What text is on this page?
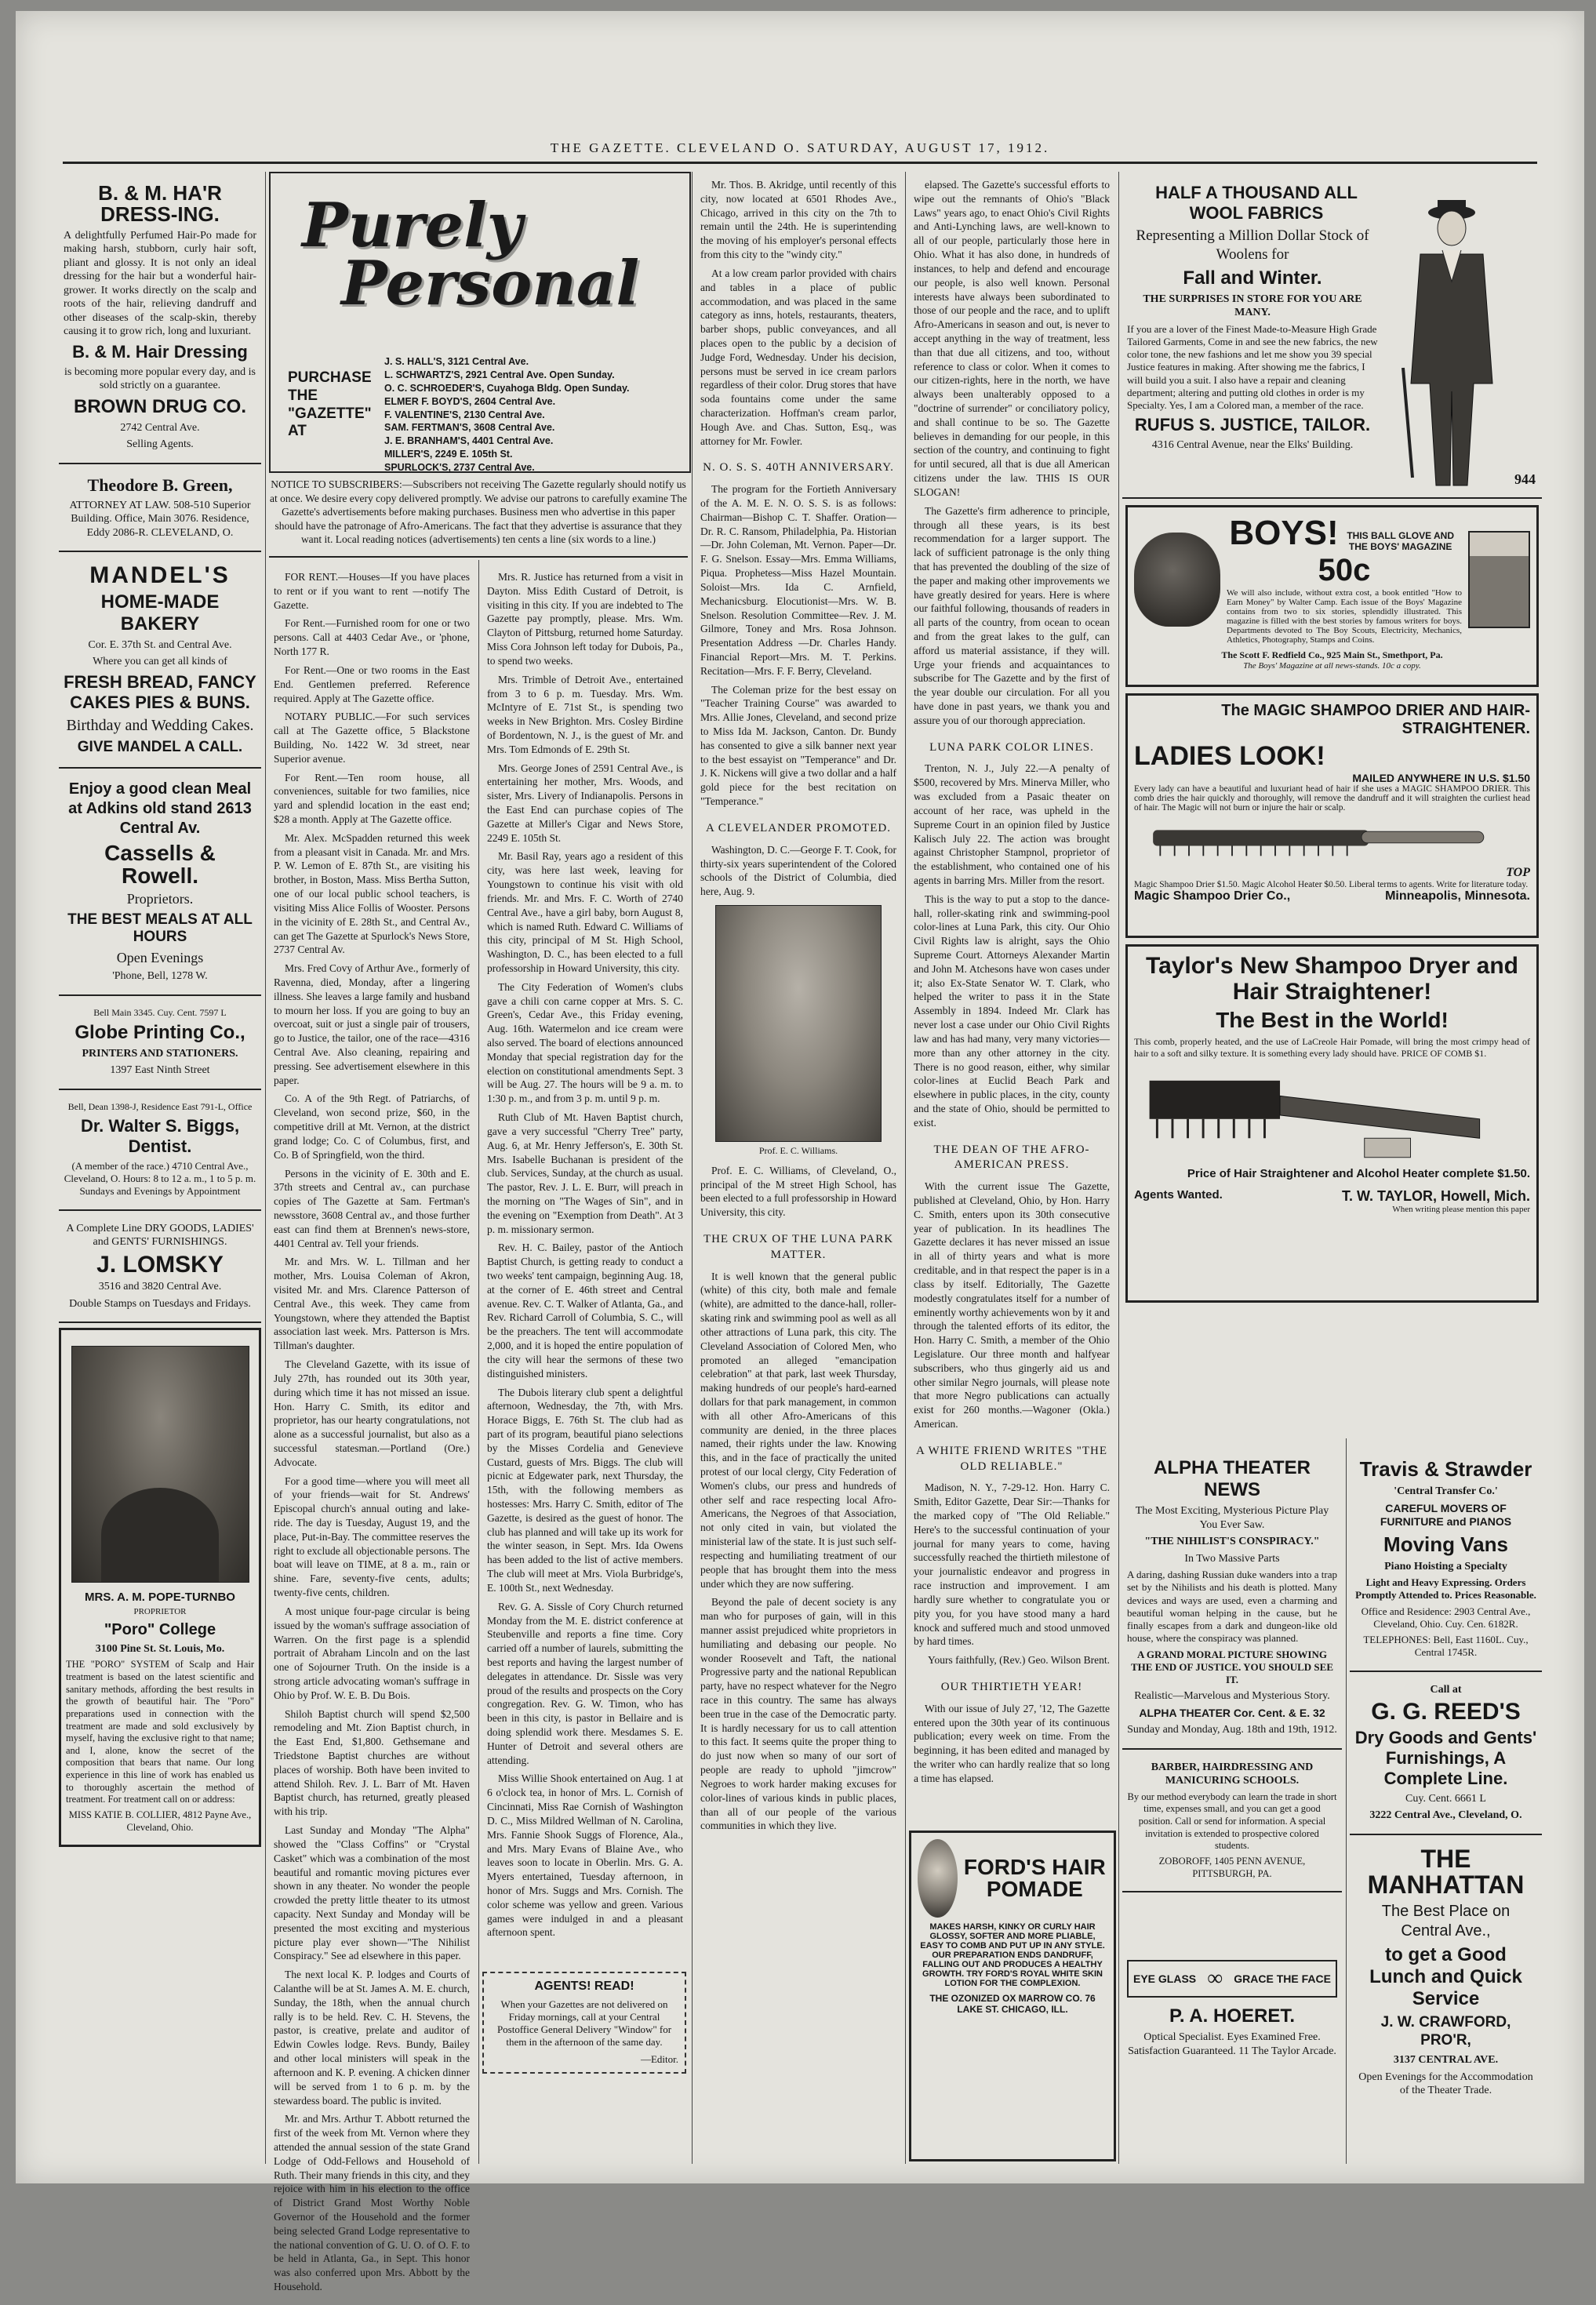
THE GAZETTE. CLEVELAND O. SATURDAY, AUGUST 17, 1912.
B. & M. HA'R DRESS-ING.

A delightfully Perfumed Hair-Po made for making harsh, stubborn, curly hair soft, pliant and glossy. It is not only an ideal dressing for the hair but a wonderful hair-grower. It works directly on the scalp and roots of the hair, relieving dandruff and other diseases of the scalp-skin, thereby causing it to grow rich, long and luxuriant.

B. & M. Hair Dressing

is becoming more popular every day, and is sold strictly on a guarantee.

BROWN DRUG CO.

2742 Central Ave.

Selling Agents.

Theodore B. Green,

ATTORNEY AT LAW. 508-510 Superior Building. Office, Main 3076. Residence, Eddy 2086-R. CLEVELAND, O.

MANDEL'S
HOME-MADE BAKERY

Cor. E. 37th St. and Central Ave.

Where you can get all kinds of

FRESH BREAD, FANCY CAKES PIES & BUNS.

Birthday and Wedding Cakes.

GIVE MANDEL A CALL.

Enjoy a good clean Meal at Adkins old stand 2613 Central Av.

Cassells & Rowell.

Proprietors.

THE BEST MEALS AT ALL HOURS

Open Evenings

'Phone, Bell, 1278 W.

Bell Main 3345. Cuy. Cent. 7597 L

Globe Printing Co.,

PRINTERS AND STATIONERS.

1397 East Ninth Street

Bell, Dean 1398-J, Residence East 791-L, Office

Dr. Walter S. Biggs, Dentist.

(A member of the race.) 4710 Central Ave., Cleveland, O. Hours: 8 to 12 a. m., 1 to 5 p. m. Sundays and Evenings by Appointment

A Complete Line DRY GOODS, LADIES' and GENTS' FURNISHINGS.

J. LOMSKY

3516 and 3820 Central Ave.

Double Stamps on Tuesdays and Fridays.

MRS. A. M. POPE-TURNBO

PROPRIETOR

"Poro" College

3100 Pine St. St. Louis, Mo.

THE "PORO" SYSTEM of Scalp and Hair treatment is based on the latest scientific and sanitary methods, affording the best results in the growth of beautiful hair. The "Poro" preparations used in connection with the treatment are made and sold exclusively by myself, having the exclusive right to that name; and I, alone, know the secret of the composition that bears that name. Our long experience in this line of work has enabled us to thoroughly ascertain the method of treatment. For treatment call on or address:

MISS KATIE B. COLLIER, 4812 Payne Ave., Cleveland, Ohio.

Purely
Personal
PURCHASE THE "GAZETTE" AT
J. S. HALL'S, 3121 Central Ave.
L. SCHWARTZ'S, 2921 Central Ave. Open Sunday.
O. C. SCHROEDER'S, Cuyahoga Bldg. Open Sunday.
ELMER F. BOYD'S, 2604 Central Ave.
F. VALENTINE'S, 2130 Central Ave.
SAM. FERTMAN'S, 3608 Central Ave.
J. E. BRANHAM'S, 4401 Central Ave.
MILLER'S, 2249 E. 105th St.
SPURLOCK'S, 2737 Central Ave.
NOTICE TO SUBSCRIBERS:—Subscribers not receiving The Gazette regularly should notify us at once. We desire every copy delivered promptly. We advise our patrons to carefully examine The Gazette's advertisements before making purchases. Business men who advertise in this paper should have the patronage of Afro-Americans. The fact that they advertise is assurance that they want it. Local reading notices (advertisements) ten cents a line (six words to a line.)

FOR RENT.—Houses—If you have places to rent or if you want to rent —notify The Gazette.

For Rent.—Furnished room for one or two persons. Call at 4403 Cedar Ave., or 'phone, North 177 R.

For Rent.—One or two rooms in the East End. Gentlemen preferred. Reference required. Apply at The Gazette office.

NOTARY PUBLIC.—For such services call at The Gazette office, 5 Blackstone Building, No. 1422 W. 3d street, near Superior avenue.

For Rent.—Ten room house, all conveniences, suitable for two families, nice yard and splendid location in the east end; $28 a month. Apply at The Gazette office.

Mr. Alex. McSpadden returned this week from a pleasant visit in Canada. Mr. and Mrs. P. W. Lemon of E. 87th St., are visiting his brother, in Boston, Mass. Miss Bertha Sutton, one of our local public school teachers, is visiting Miss Alice Follis of Wooster. Persons in the vicinity of E. 28th St., and Central Av., can get The Gazette at Spurlock's News Store, 2737 Central Av.

Mrs. Fred Covy of Arthur Ave., formerly of Ravenna, died, Monday, after a lingering illness. She leaves a large family and husband to mourn her loss. If you are going to buy an overcoat, suit or just a single pair of trousers, go to Justice, the tailor, one of the race—4316 Central Ave. Also cleaning, repairing and pressing. See advertisement elsewhere in this paper.

Co. A of the 9th Regt. of Patriarchs, of Cleveland, won second prize, $60, in the competitive drill at Mt. Vernon, at the district grand lodge; Co. C of Columbus, first, and Co. B of Springfield, won the third.

Persons in the vicinity of E. 30th and E. 37th streets and Central av., can purchase copies of The Gazette at Sam. Fertman's newsstore, 3608 Central av., and those further east can find them at Brennen's news-store, 4401 Central av. Tell your friends.

Mr. and Mrs. W. L. Tillman and her mother, Mrs. Louisa Coleman of Akron, visited Mr. and Mrs. Clarence Patterson of Central Ave., this week. They came from Youngstown, where they attended the Baptist association last week. Mrs. Patterson is Mrs. Tillman's daughter.

The Cleveland Gazette, with its issue of July 27th, has rounded out its 30th year, during which time it has not missed an issue. Hon. Harry C. Smith, its editor and proprietor, has our hearty congratulations, not alone as a successful journalist, but also as a successful statesman.—Portland (Ore.) Advocate.

For a good time—where you will meet all of your friends—wait for St. Andrews' Episcopal church's annual outing and lake-ride. The day is Tuesday, August 19, and the place, Put-in-Bay. The committee reserves the right to exclude all objectionable persons. The boat will leave on TIME, at 8 a. m., rain or shine. Fare, seventy-five cents, adults; twenty-five cents, children.

A most unique four-page circular is being issued by the woman's suffrage association of Warren. On the first page is a splendid portrait of Abraham Lincoln and on the last one of Sojourner Truth. On the inside is a strong article advocating woman's suffrage in Ohio by Prof. W. E. B. Du Bois.

Shiloh Baptist church will spend $2,500 remodeling and Mt. Zion Baptist church, in the East End, $1,800. Gethsemane and Triedstone Baptist churches are without places of worship. Both have been invited to attend Shiloh. Rev. J. L. Barr of Mt. Haven Baptist church, has returned, greatly pleased with his trip.

Last Sunday and Monday "The Alpha" showed the "Class Coffins" or "Crystal Casket" which was a combination of the most beautiful and romantic moving pictures ever shown in any theater. No wonder the people crowded the pretty little theater to its utmost capacity. Next Sunday and Monday will be presented the most exciting and mysterious picture play ever shown—"The Nihilist Conspiracy." See ad elsewhere in this paper.

The next local K. P. lodges and Courts of Calanthe will be at St. James A. M. E. church, Sunday, the 18th, when the annual church rally is to be held. Rev. C. H. Stevens, the pastor, is creative, prelate and auditor of Edwin Cowles lodge. Revs. Bundy, Bailey and other local ministers will speak in the afternoon and K. P. evening. A chicken dinner will be served from 1 to 6 p. m. by the stewardess board. The public is invited.

Mr. and Mrs. Arthur T. Abbott returned the first of the week from Mt. Vernon where they attended the annual session of the state Grand Lodge of Odd-Fellows and Household of Ruth. Their many friends in this city, and they rejoice with him in his election to the office of District Grand Most Worthy Noble Governor of the Household and the former being selected Grand Lodge representative to the national convention of G. U. O. of O. F. to be held in Atlanta, Ga., in Sept. This honor was also conferred upon Mrs. Abbott by the Household.

Mrs. R. Justice has returned from a visit in Dayton. Miss Edith Custard of Detroit, is visiting in this city. If you are indebted to The Gazette pay promptly, please. Mrs. Wm. Clayton of Pittsburg, returned home Saturday. Miss Cora Johnson left today for Dubois, Pa., to spend two weeks.

Mrs. Trimble of Detroit Ave., entertained from 3 to 6 p. m. Tuesday. Mrs. Wm. McIntyre of E. 71st St., is spending two weeks in New Brighton. Mrs. Cosley Birdine of Bordentown, N. J., is the guest of Mr. and Mrs. Tom Edmonds of E. 29th St.

Mrs. George Jones of 2591 Central Ave., is entertaining her mother, Mrs. Woods, and sister, Mrs. Livery of Indianapolis. Persons in the East End can purchase copies of The Gazette at Miller's Cigar and News Store, 2249 E. 105th St.

Mr. Basil Ray, years ago a resident of this city, was here last week, leaving for Youngstown to continue his visit with old friends. Mr. and Mrs. F. C. Worth of 2740 Central Ave., have a girl baby, born August 8, which is named Ruth. Edward C. Williams of this city, principal of M St. High School, Washington, D. C., has been elected to a full professorship in Howard University, this city.

The City Federation of Women's clubs gave a chili con carne copper at Mrs. S. C. Green's, Cedar Ave., this Friday evening, Aug. 16th. Watermelon and ice cream were also served. The board of elections announced Monday that special registration day for the election on constitutional amendments Sept. 3 will be Aug. 27. The hours will be 9 a. m. to 1:30 p. m., and from 3 p. m. until 9 p. m.

Ruth Club of Mt. Haven Baptist church, gave a very successful "Cherry Tree" party, Aug. 6, at Mr. Henry Jefferson's, E. 30th St. Mrs. Isabelle Buchanan is president of the club. Services, Sunday, at the church as usual. The pastor, Rev. J. L. E. Burr, will preach in the morning on "The Wages of Sin", and in the evening on "Exemption from Death". At 3 p. m. missionary sermon.

Rev. H. C. Bailey, pastor of the Antioch Baptist Church, is getting ready to conduct a two weeks' tent campaign, beginning Aug. 18, at the corner of E. 46th street and Central avenue. Rev. C. T. Walker of Atlanta, Ga., and Rev. Richard Carroll of Columbia, S. C., will be the preachers. The tent will accommodate 2,000, and it is hoped the entire population of the city will hear the sermons of these two distinguished ministers.

The Dubois literary club spent a delightful afternoon, Wednesday, the 7th, with Mrs. Horace Biggs, E. 76th St. The club had as part of its program, beautiful piano selections by the Misses Cordelia and Genevieve Custard, guests of Mrs. Biggs. The club will picnic at Edgewater park, next Thursday, the 15th, with the following members as hostesses: Mrs. Harry C. Smith, editor of The Gazette, is desired as the guest of honor. The club has planned and will take up its work for the winter season, in Sept. Mrs. Ida Owens has been added to the list of active members. The club will meet at Mrs. Viola Burbridge's, E. 100th St., next Wednesday.

Rev. G. A. Sissle of Cory Church returned Monday from the M. E. district conference at Steubenville and reports a fine time. Cory carried off a number of laurels, submitting the best reports and having the largest number of delegates in attendance. Dr. Sissle was very proud of the results and prospects on the Cory congregation. Rev. G. W. Timon, who has been in this city, is pastor in Bellaire and is doing splendid work there. Mesdames S. E. Hunter of Detroit and several others are attending.

Miss Willie Shook entertained on Aug. 1 at 6 o'clock tea, in honor of Mrs. L. Cornish of Cincinnati, Miss Rae Cornish of Washington D. C., Miss Mildred Wellman of N. Carolina, Mrs. Fannie Shook Suggs of Florence, Ala., and Mrs. Mary Evans of Blaine Ave., who leaves soon to locate in Oberlin. Mrs. G. A. Myers entertained, Tuesday afternoon, in honor of Mrs. Suggs and Mrs. Cornish. The color scheme was yellow and green. Various games were indulged in and a pleasant afternoon spent.

AGENTS! READ!
When your Gazettes are not delivered on Friday mornings, call at your Central Postoffice General Delivery "Window" for them in the afternoon of the same day.
—Editor.

Mr. Thos. B. Akridge, until recently of this city, now located at 6501 Rhodes Ave., Chicago, arrived in this city on the 7th to remain until the 24th. He is superintending the moving of his employer's personal effects from this city to the "windy city."

At a low cream parlor provided with chairs and tables in a place of public accommodation, and was placed in the same category as inns, hotels, restaurants, theaters, barber shops, public conveyances, and all places open to the public by a decision of Judge Ford, Wednesday. Under his decision, persons must be served in ice cream parlors regardless of their color. Drug stores that have soda fountains come under the same characterization. Hoffman's cream parlor, Hough Ave. and Chas. Sutton, Esq., was attorney for Mr. Fowler.

N. O. S. S. 40TH ANNIVERSARY.

The program for the Fortieth Anniversary of the A. M. E. N. O. S. S. is as follows: Chairman—Bishop C. T. Shaffer. Oration—Dr. R. C. Ransom, Philadelphia, Pa. Historian—Dr. John Coleman, Mt. Vernon. Paper—Dr. F. G. Snelson. Essay—Mrs. Emma Williams, Piqua. Prophetess—Miss Hazel Mountain. Soloist—Mrs. Ida C. Arnfield, Mechanicsburg. Elocutionist—Mrs. W. B. Snelson. Resolution Committee—Rev. J. M. Gilmore, Toney and Mrs. Rosa Johnson. Presentation Address —Dr. Charles Handy. Financial Report—Mrs. M. T. Perkins. Recitation—Mrs. F. F. Berry, Cleveland.

The Coleman prize for the best essay on "Teacher Training Course" was awarded to Mrs. Allie Jones, Cleveland, and second prize to Miss Ida M. Jackson, Canton. Dr. Bundy has consented to give a silk banner next year to the best essayist on "Temperance" and Dr. J. K. Nickens will give a two dollar and a half gold piece for the best recitation on "Temperance."

A CLEVELANDER PROMOTED.

Washington, D. C.—George F. T. Cook, for thirty-six years superintendent of the Colored schools of the District of Columbia, died here, Aug. 9.

Prof. E. C. Williams.

Prof. E. C. Williams, of Cleveland, O., principal of the M street High School, has been elected to a full professorship in Howard University, this city.

THE CRUX OF THE LUNA PARK MATTER.

It is well known that the general public (white) of this city, both male and female (white), are admitted to the dance-hall, roller-skating rink and swimming pool as well as all other attractions of Luna park, this city. The Cleveland Association of Colored Men, who promoted an alleged "emancipation celebration" at that park, last week Thursday, making hundreds of our people's hard-earned dollars for that park management, in common with all other Afro-Americans of this community are denied, in the three places named, their rights under the law. Knowing this, and in the face of practically the united protest of our local clergy, City Federation of Women's clubs, our press and hundreds of other self and race respecting local Afro-Americans, the Negroes of that Association, not only cited in vain, but violated the ministerial law of the state. It is just such self-respecting and humiliating treatment of our people that has brought them into the mess under which they are now suffering.

Beyond the pale of decent society is any man who for purposes of gain, will in this manner assist prejudiced white proprietors in humiliating and debasing our people. No wonder Roosevelt and Taft, the national Progressive party and the national Republican party, have no respect whatever for the Negro race in this country. The same has always been true in the case of the Democratic party. It is hardly necessary for us to call attention to this fact. It seems quite the proper thing to do just now when so many of our sort of people are ready to uphold "jimcrow" Negroes to work harder making excuses for color-lines of various kinds in public places, than all of our people of the various communities in which they live.

elapsed. The Gazette's successful efforts to wipe out the remnants of Ohio's "Black Laws" years ago, to enact Ohio's Civil Rights and Anti-Lynching laws, are well-known to all of our people, particularly those here in Ohio. What it has also done, in hundreds of instances, to help and defend and encourage our people, is also well known. Personal interests have always been subordinated to those of our people and the race, and to uplift Afro-Americans in season and out, is never to accept anything in the way of treatment, less than that due all citizens, and too, without reference to class or color. When it comes to our citizen-rights, here in the north, we have always been unalterably opposed to a "doctrine of surrender" or conciliatory policy, and shall continue to be so. The Gazette believes in demanding for our people, in this section of the country, and continuing to fight for until secured, all that is due all American citizens under the law. THIS IS OUR SLOGAN!

The Gazette's firm adherence to principle, through all these years, is its best recommendation for a larger support. The lack of sufficient patronage is the only thing that has prevented the doubling of the size of the paper and making other improvements we have greatly desired for years. Here is where our faithful following, thousands of readers in all parts of the country, from ocean to ocean and from the great lakes to the gulf, can afford us material assistance, if they will. Urge your friends and acquaintances to subscribe for The Gazette and by the first of the year double our circulation. For all you have done in past years, we thank you and assure you of our thorough appreciation.

LUNA PARK COLOR LINES.

Trenton, N. J., July 22.—A penalty of $500, recovered by Mrs. Minerva Miller, who was excluded from a Pasaic theater on account of her race, was upheld in the Supreme Court in an opinion filed by Justice Kalisch July 22. The action was brought against Christopher Stampnol, proprietor of the establishment, who contained one of his agents in barring Mrs. Miller from the resort.

This is the way to put a stop to the dance-hall, roller-skating rink and swimming-pool color-lines at Luna Park, this city. Our Ohio Civil Rights law is alright, says the Ohio Supreme Court. Attorneys Alexander Martin and John M. Atchesons have won cases under it; also Ex-State Senator W. T. Clark, who helped the writer to pass it in the State Assembly in 1894. Indeed Mr. Clark has never lost a case under our Ohio Civil Rights law and has had many, very many victories—more than any other attorney in the city. There is no good reason, either, why similar color-lines at Euclid Beach Park and elsewhere in public places, in the city, county and the state of Ohio, should be permitted to exist.

THE DEAN OF THE AFRO-AMERICAN PRESS.

With the current issue The Gazette, published at Cleveland, Ohio, by Hon. Harry C. Smith, enters upon its 30th consecutive year of publication. In its headlines The Gazette declares it has never missed an issue in all of thirty years and what is more creditable, and in that respect the paper is in a class by itself. Editorially, The Gazette modestly congratulates itself for a number of eminently worthy achievements won by it and through the talented efforts of its editor, the Hon. Harry C. Smith, a member of the Ohio Legislature. Our three month and halfyear subscribers, who thus gingerly aid us and other similar Negro journals, will please note that more Negro publications can actually exist for 260 months.—Wagoner (Okla.) American.

A WHITE FRIEND WRITES "THE OLD RELIABLE."

Madison, N. Y., 7-29-12. Hon. Harry C. Smith, Editor Gazette, Dear Sir:—Thanks for the marked copy of "The Old Reliable." Here's to the successful continuation of your journal for many years to come, having successfully reached the thirtieth milestone of your journalistic endeavor and progress in race instruction and improvement. I am hardly sure whether to congratulate you or pity you, for you have stood many a hard knock and suffered much and stood unmoved by hard times.

Yours faithfully, (Rev.) Geo. Wilson Brent.

OUR THIRTIETH YEAR!

With our issue of July 27, '12, The Gazette entered upon the 30th year of its continuous publication; every week on time. From the beginning, it has been edited and managed by the writer who can hardly realize that so long a time has elapsed.

HALF A THOUSAND ALL WOOL FABRICS

Representing a Million Dollar Stock of Woolens for

Fall and Winter.

THE SURPRISES IN STORE FOR YOU ARE MANY.

If you are a lover of the Finest Made-to-Measure High Grade Tailored Garments, Come in and see the new fabrics, the new color tone, the new fashions and let me show you 39 special Justice features in making. After showing me the fabrics, I will build you a suit. I also have a repair and cleaning department; altering and putting old clothes in order is my Specialty. Yes, I am a Colored man, a member of the race.

RUFUS S. JUSTICE, TAILOR.

4316 Central Avenue, near the Elks' Building.

944
BOYS! THIS BALL GLOVE AND THE BOYS' MAGAZINE 50c
We will also include, without extra cost, a book entitled "How to Earn Money" by Walter Camp. Each issue of the Boys' Magazine contains from two to six stories, splendidly illustrated. This magazine is filled with the best stories by famous writers for boys. Departments devoted to The Boy Scouts, Electricity, Mechanics, Athletics, Photography, Stamps and Coins.
The Scott F. Redfield Co., 925 Main St., Smethport, Pa.
The Boys' Magazine at all news-stands. 10c a copy.
The MAGIC SHAMPOO DRIER AND HAIR-STRAIGHTENER.
LADIES LOOK!
MAILED ANYWHERE IN U.S. $1.50
Every lady can have a beautiful and luxuriant head of hair if she uses a MAGIC SHAMPOO DRIER. This comb dries the hair quickly and thoroughly, will remove the dandruff and it will straighten the curliest head of hair. The Magic will not burn or injure the hair or scalp.
TOP
Magic Shampoo Drier $1.50. Magic Alcohol Heater $0.50. Liberal terms to agents. Write for literature today.
Magic Shampoo Drier Co.,	Minneapolis, Minnesota.
Taylor's New Shampoo Dryer and Hair Straightener!
The Best in the World!
This comb, properly heated, and the use of LaCreole Hair Pomade, will bring the most crimpy head of hair to a soft and silky texture. It is something every lady should have. PRICE OF COMB $1.
Price of Hair Straightener and Alcohol Heater complete $1.50.
Agents Wanted.	T. W. TAYLOR, Howell, Mich.
When writing please mention this paper
ALPHA THEATER NEWS

The Most Exciting, Mysterious Picture Play You Ever Saw.

"THE NIHILIST'S CONSPIRACY."

In Two Massive Parts

A daring, dashing Russian duke wanders into a trap set by the Nihilists and his death is plotted. Many devices and ways are used, even a charming and beautiful woman helping in the cause, but he finally escapes from a dark and dungeon-like old house, where the conspiracy was planned.

A GRAND MORAL PICTURE SHOWING THE END OF JUSTICE. YOU SHOULD SEE IT.

Realistic—Marvelous and Mysterious Story.

ALPHA THEATER Cor. Cent. & E. 32

Sunday and Monday, Aug. 18th and 19th, 1912.

BARBER, HAIRDRESSING AND MANICURING SCHOOLS.

By our method everybody can learn the trade in short time, expenses small, and you can get a good position. Call or send for information. A special invitation is extended to prospective colored students.

ZOBOROFF, 1405 PENN AVENUE, PITTSBURGH, PA.

FORD'S HAIR POMADE
MAKES HARSH, KINKY OR CURLY HAIR GLOSSY, SOFTER AND MORE PLIABLE, EASY TO COMB AND PUT UP IN ANY STYLE. OUR PREPARATION ENDS DANDRUFF, FALLING OUT AND PRODUCES A HEALTHY GROWTH. TRY FORD'S ROYAL WHITE SKIN LOTION FOR THE COMPLEXION.
THE OZONIZED OX MARROW CO. 76 LAKE ST. CHICAGO, ILL.
EYE GLASS ∞ GRACE THE FACE
P. A. HOERET.

Optical Specialist. Eyes Examined Free. Satisfaction Guaranteed. 11 The Taylor Arcade.

Travis & Strawder

'Central Transfer Co.'

CAREFUL MOVERS OF FURNITURE and PIANOS

Moving Vans

Piano Hoisting a Specialty

Light and Heavy Expressing. Orders Promptly Attended to. Prices Reasonable.

Office and Residence: 2903 Central Ave., Cleveland, Ohio. Cuy. Cen. 6182R.

TELEPHONES: Bell, East 1160L. Cuy., Central 1745R.

Call at

G. G. REED'S
Dry Goods and Gents' Furnishings, A Complete Line.

Cuy. Cent. 6661 L

3222 Central Ave., Cleveland, O.

THE MANHATTAN

The Best Place on Central Ave.,

to get a Good Lunch and Quick Service

J. W. CRAWFORD, PRO'R,

3137 CENTRAL AVE.

Open Evenings for the Accommodation of the Theater Trade.
